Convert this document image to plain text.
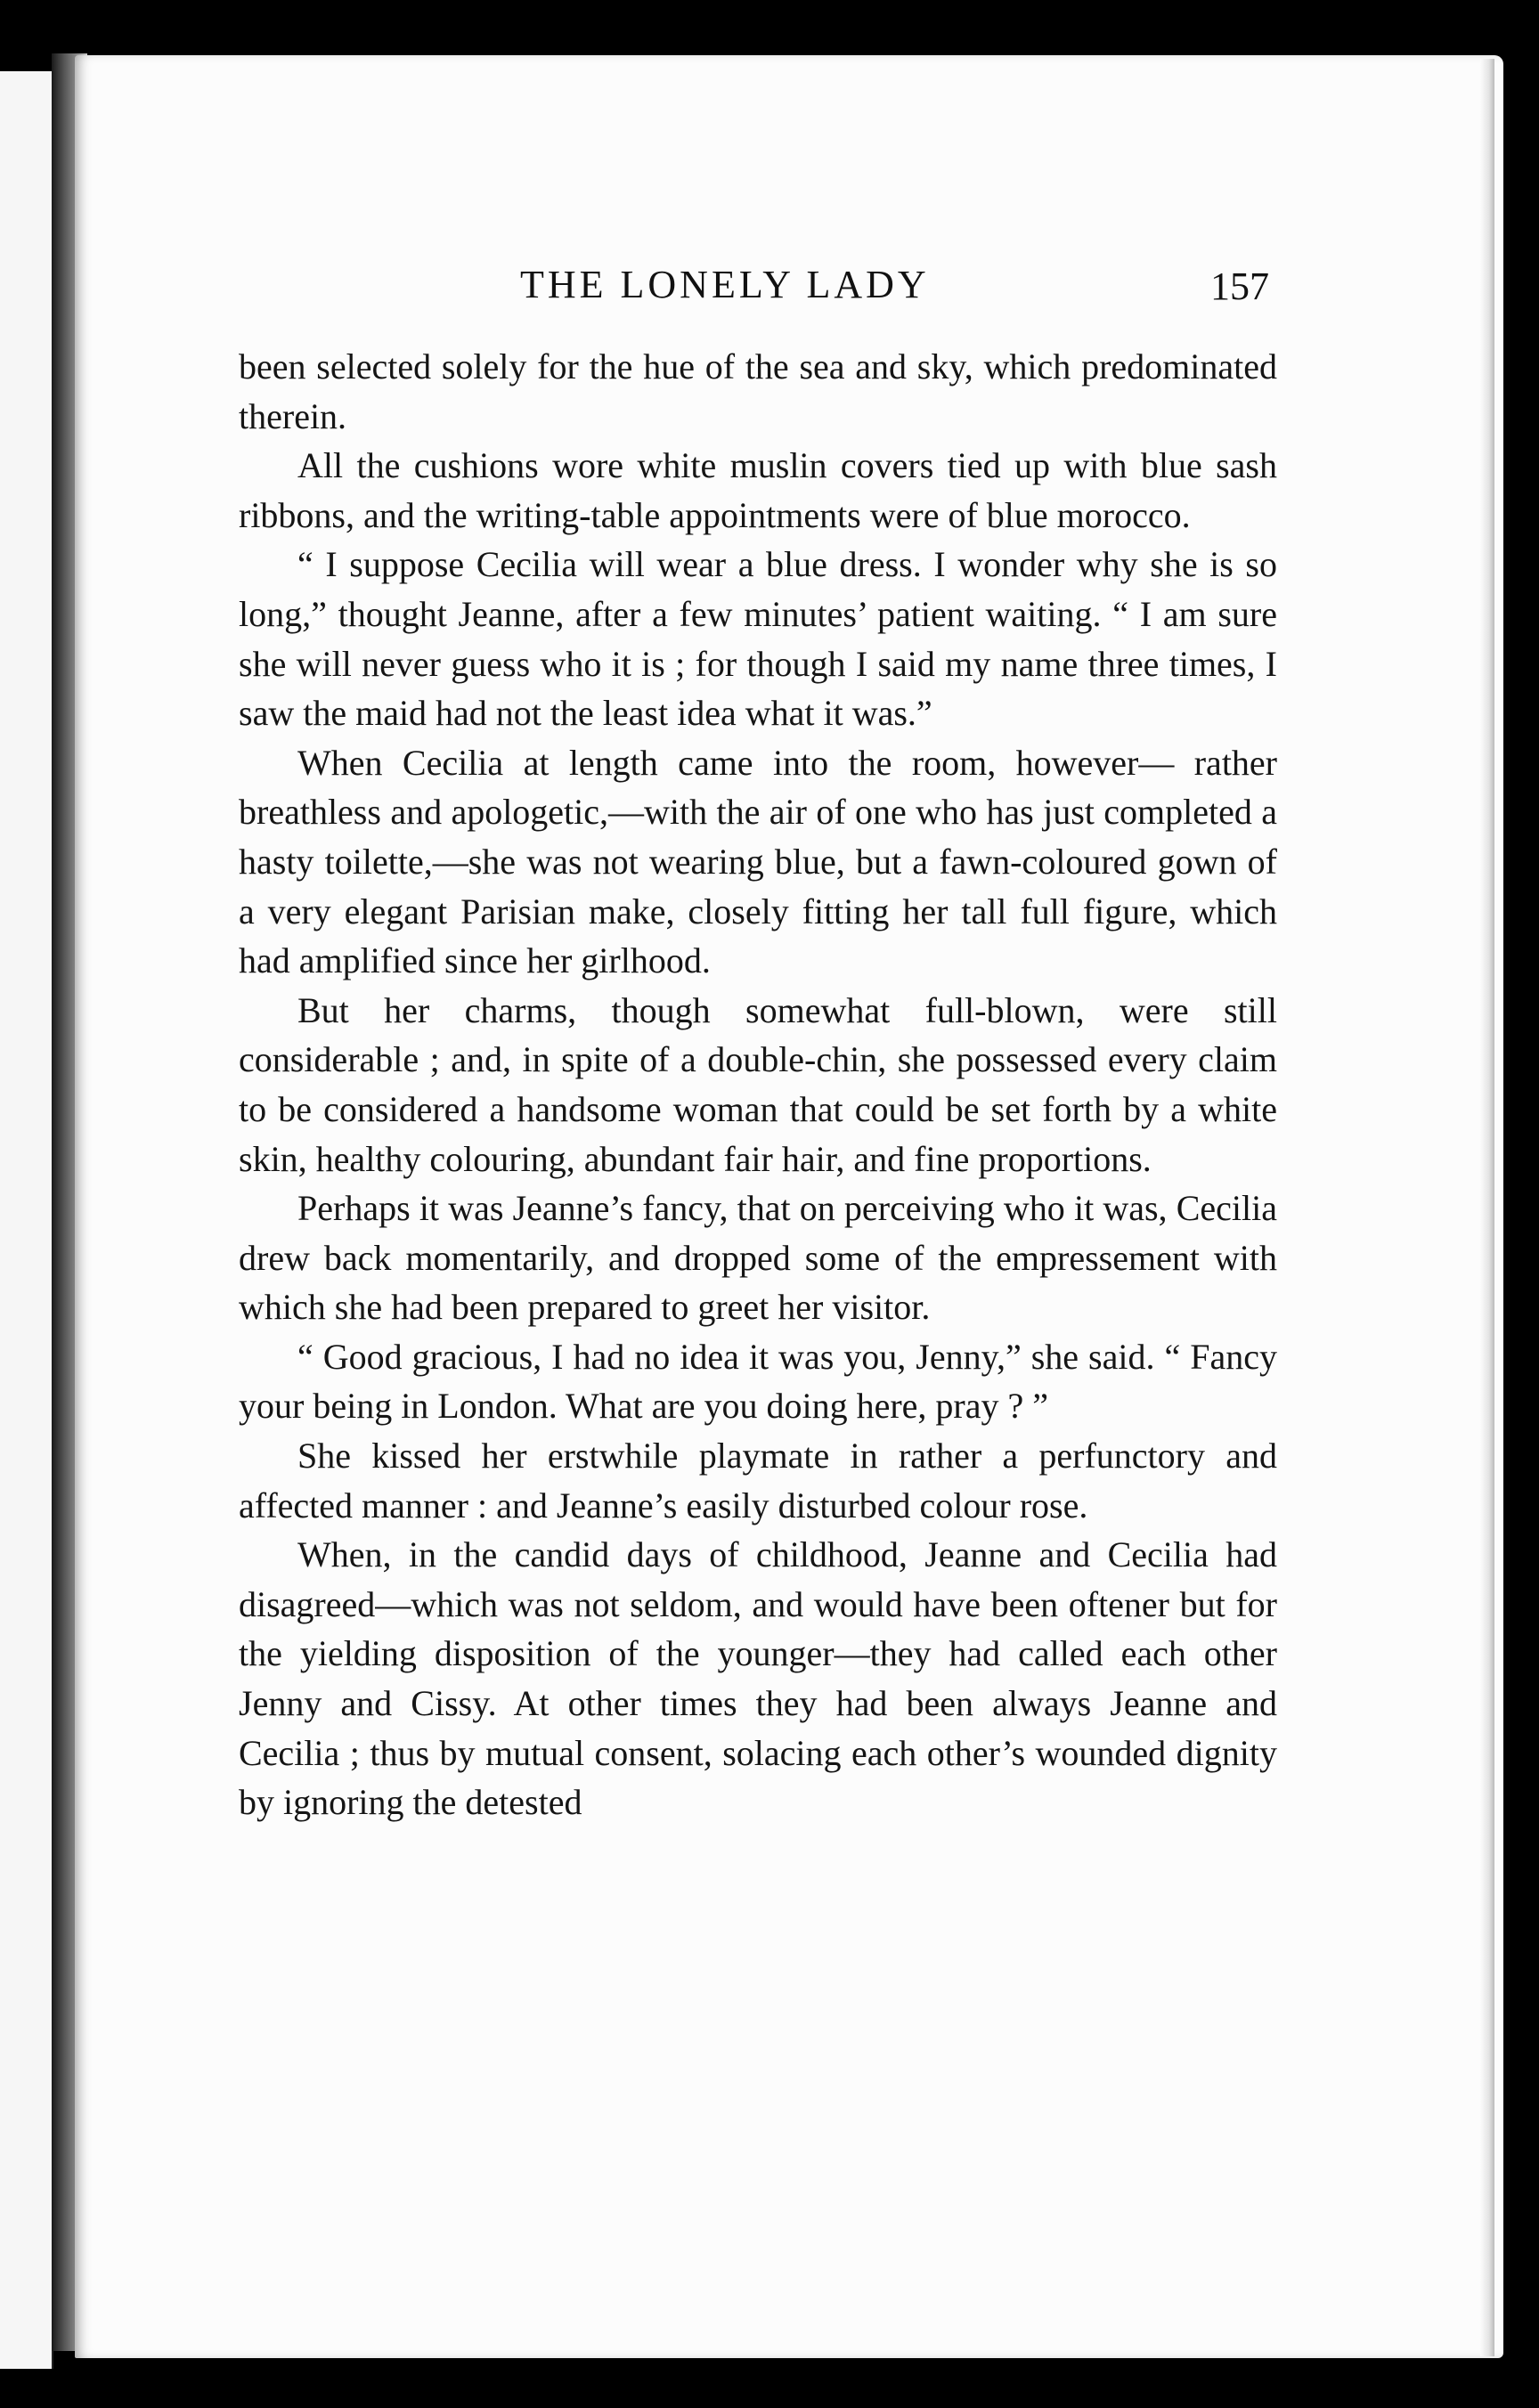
THE LONELY LADY	157

been selected solely for the hue of the sea and sky, which predominated therein.

All the cushions wore white muslin covers tied up with blue sash ribbons, and the writing-table appointments were of blue morocco.

“ I suppose Cecilia will wear a blue dress. I wonder why she is so long,” thought Jeanne, after a few minutes’ patient waiting. “ I am sure she will never guess who it is ; for though I said my name three times, I saw the maid had not the least idea what it was.”

When Cecilia at length came into the room, however— rather breathless and apologetic,—with the air of one who has just completed a hasty toilette,—she was not wearing blue, but a fawn-coloured gown of a very elegant Parisian make, closely fitting her tall full figure, which had amplified since her girlhood.

But her charms, though somewhat full-blown, were still considerable ; and, in spite of a double-chin, she possessed every claim to be considered a handsome woman that could be set forth by a white skin, healthy colouring, abundant fair hair, and fine proportions.

Perhaps it was Jeanne’s fancy, that on perceiving who it was, Cecilia drew back momentarily, and dropped some of the empressement with which she had been prepared to greet her visitor.

“ Good gracious, I had no idea it was you, Jenny,” she said. “ Fancy your being in London. What are you doing here, pray ? ”

She kissed her erstwhile playmate in rather a perfunctory and affected manner : and Jeanne’s easily disturbed colour rose.

When, in the candid days of childhood, Jeanne and Cecilia had disagreed—which was not seldom, and would have been oftener but for the yielding disposition of the younger—they had called each other Jenny and Cissy. At other times they had been always Jeanne and Cecilia ; thus by mutual consent, solacing each other’s wounded dignity by ignoring the detested
